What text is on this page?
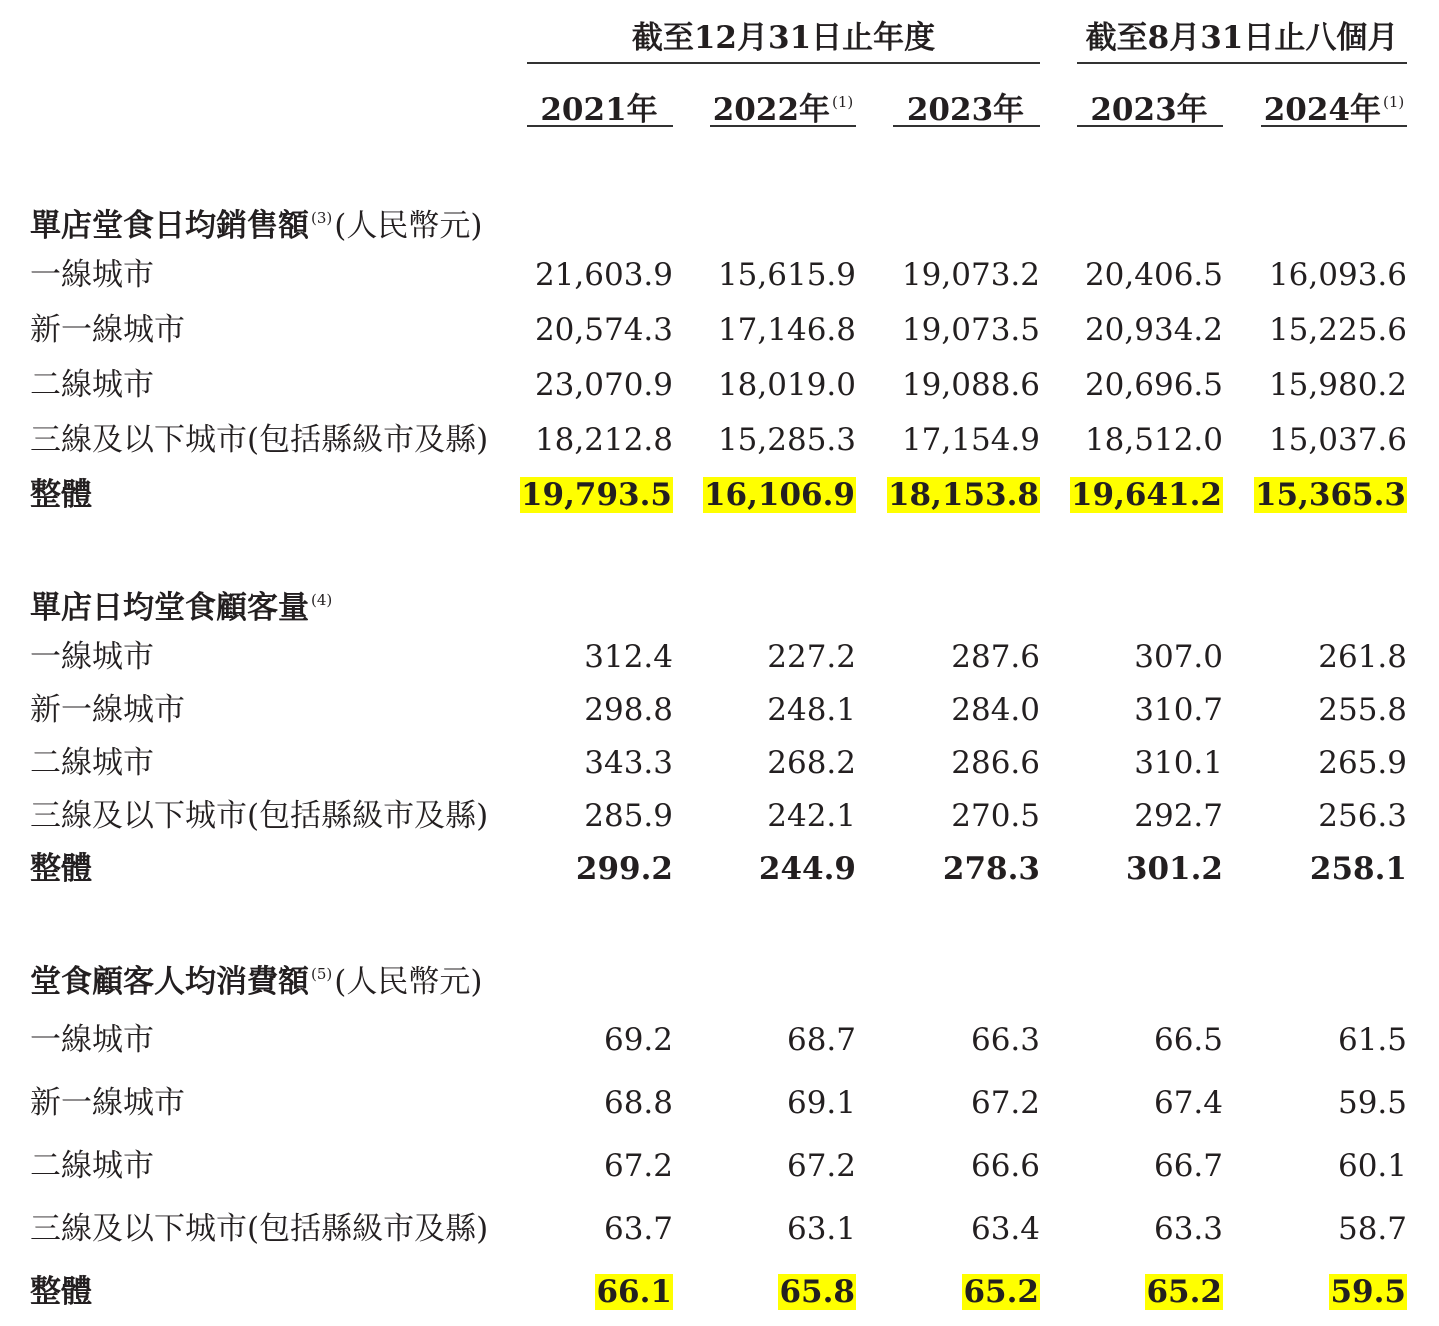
截至12月31日止年度	截至8月31日止八個月
2021年	2022年 $^{(1)}$	2023年	2023年	2024年 $^{(1)}$
單店堂食日均銷售額 $^{(3)}$(人民幣元)
一線城市	21,603.9 15,615.9 19,073.2 20,406.5 16,093.6
新一線城市	20,574.3 17,146.8 19,073.5 20,934.2 15,225.6
二線城市	23,070.9 18,019.0 19,088.6 20,696.5 15,980.2
三線及以下城市(包括縣級市及縣) 18,212.8 15,285.3 17,154.9 18,512.0 15,037.6
整體	19,793.5 16,106.9 18,153.8 19,641.2 15,365.3
單店日均堂食顧客量 $^{(4)}$
一線城市	312.4	227.2	287.6	307.0	261.8
新一線城市	298.8	248.1	284.0	310.7	255.8
二線城市	343.3	268.2	286.6	310.1	265.9
三線及以下城市(包括縣級市及縣)	285.9	242.1	270.5	292.7	256.3
整體	299.2	244.9	278.3	301.2	258.1
堂食顧客人均消費額 $^{(5)}$(人民幣元)
一線城市	69.2	68.7	66.3	66.5	61.5
新一線城市	68.8	69.1	67.2	67.4	59.5
二線城市	67.2	67.2	66.6	66.7	60.1
三線及以下城市(包括縣級市及縣)	63.7	63.1	63.4	63.3	58.7
整體	66.1	65.8	65.2	65.2	59.5
